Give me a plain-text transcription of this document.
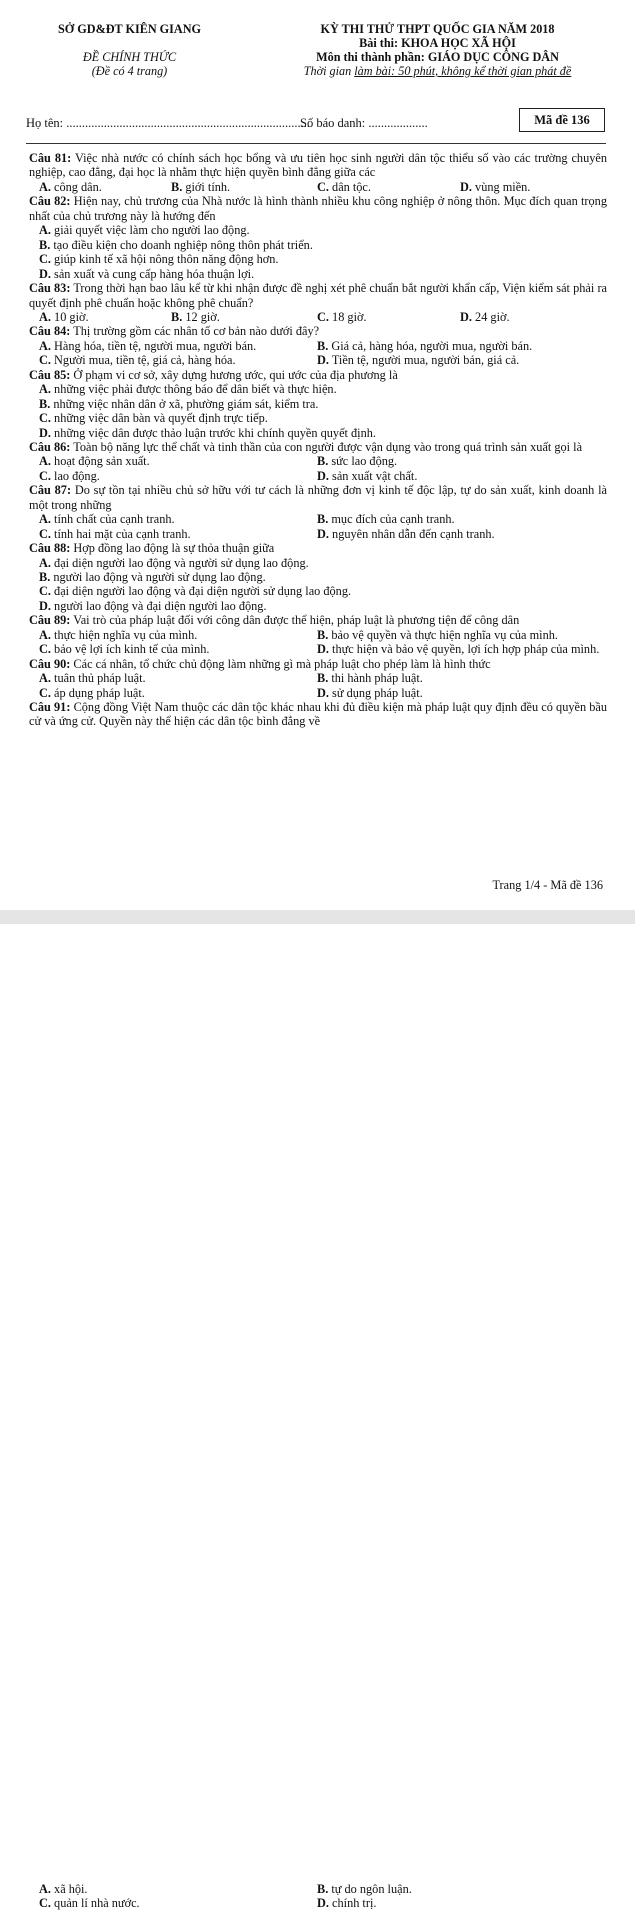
SỞ GD&ĐT KIÊN GIANG
ĐỀ CHÍNH THỨC
(Đề có 4 trang)
KỲ THI THỬ THPT QUỐC GIA NĂM 2018
Bài thi: KHOA HỌC XÃ HỘI
Môn thi thành phần: GIÁO DỤC CÔNG DÂN
Thời gian làm bài: 50 phút, không kể thời gian phát đề
Họ tên: ..............................................................................
Số báo danh: ...................	Mã đề 136
Câu 81: Việc nhà nước có chính sách học bổng và ưu tiên học sinh người dân tộc thiểu số vào các trường chuyên nghiệp, cao đẳng, đại học là nhằm thực hiện quyền bình đẳng giữa các
A. công dân.	B. giới tính.	C. dân tộc.	D. vùng miền.
Câu 82: Hiện nay, chủ trương của Nhà nước là hình thành nhiều khu công nghiệp ở nông thôn. Mục đích quan trọng nhất của chủ trương này là hướng đến
A. giải quyết việc làm cho người lao động.
B. tạo điều kiện cho doanh nghiệp nông thôn phát triển.
C. giúp kinh tế xã hội nông thôn năng động hơn.
D. sản xuất và cung cấp hàng hóa thuận lợi.
Câu 83: Trong thời hạn bao lâu kể từ khi nhận được đề nghị xét phê chuẩn bắt người khẩn cấp, Viện kiểm sát phải ra quyết định phê chuẩn hoặc không phê chuẩn?
A. 10 giờ.	B. 12 giờ.	C. 18 giờ.	D. 24 giờ.
Câu 84: Thị trường gồm các nhân tố cơ bản nào dưới đây?
A. Hàng hóa, tiền tệ, người mua, người bán.	B. Giá cả, hàng hóa, người mua, người bán.
C. Người mua, tiền tệ, giá cả, hàng hóa.	D. Tiền tệ, người mua, người bán, giá cả.
Câu 85: Ở phạm vi cơ sở, xây dựng hương ước, qui ước của địa phương là
A. những việc phải được thông báo để dân biết và thực hiện.
B. những việc nhân dân ở xã, phường giám sát, kiểm tra.
C. những việc dân bàn và quyết định trực tiếp.
D. những việc dân được thảo luận trước khi chính quyền quyết định.
Câu 86: Toàn bộ năng lực thể chất và tinh thần của con người được vận dụng vào trong quá trình sản xuất gọi là
A. hoạt động sản xuất.	B. sức lao động.
C. lao động.	D. sản xuất vật chất.
Câu 87: Do sự tồn tại nhiều chủ sở hữu với tư cách là những đơn vị kinh tế độc lập, tự do sản xuất, kinh doanh là một trong những
A. tính chất của cạnh tranh.	B. mục đích của cạnh tranh.
C. tính hai mặt của cạnh tranh.	D. nguyên nhân dẫn đến cạnh tranh.
Câu 88: Hợp đồng lao động là sự thỏa thuận giữa
A. đại diện người lao động và người sử dụng lao động.
B. người lao động và người sử dụng lao động.
C. đại diện người lao động và đại diện người sử dụng lao động.
D. người lao động và đại diện người lao động.
Câu 89: Vai trò của pháp luật đối với công dân được thể hiện, pháp luật là phương tiện để công dân
A. thực hiện nghĩa vụ của mình.	B. bảo vệ quyền và thực hiện nghĩa vụ của mình.
C. bảo vệ lợi ích kinh tế của mình.	D. thực hiện và bảo vệ quyền, lợi ích hợp pháp của mình.
Câu 90: Các cá nhân, tổ chức chủ động làm những gì mà pháp luật cho phép làm là hình thức
A. tuân thủ pháp luật.	B. thi hành pháp luật.
C. áp dụng pháp luật.	D. sử dụng pháp luật.
Câu 91: Cộng đồng Việt Nam thuộc các dân tộc khác nhau khi đủ điều kiện mà pháp luật quy định đều có quyền bầu cử và ứng cử. Quyền này thể hiện các dân tộc bình đẳng về
Trang 1/4 - Mã đề 136
A. xã hội.	B. tự do ngôn luận.
C. quản lí nhà nước.	D. chính trị.
